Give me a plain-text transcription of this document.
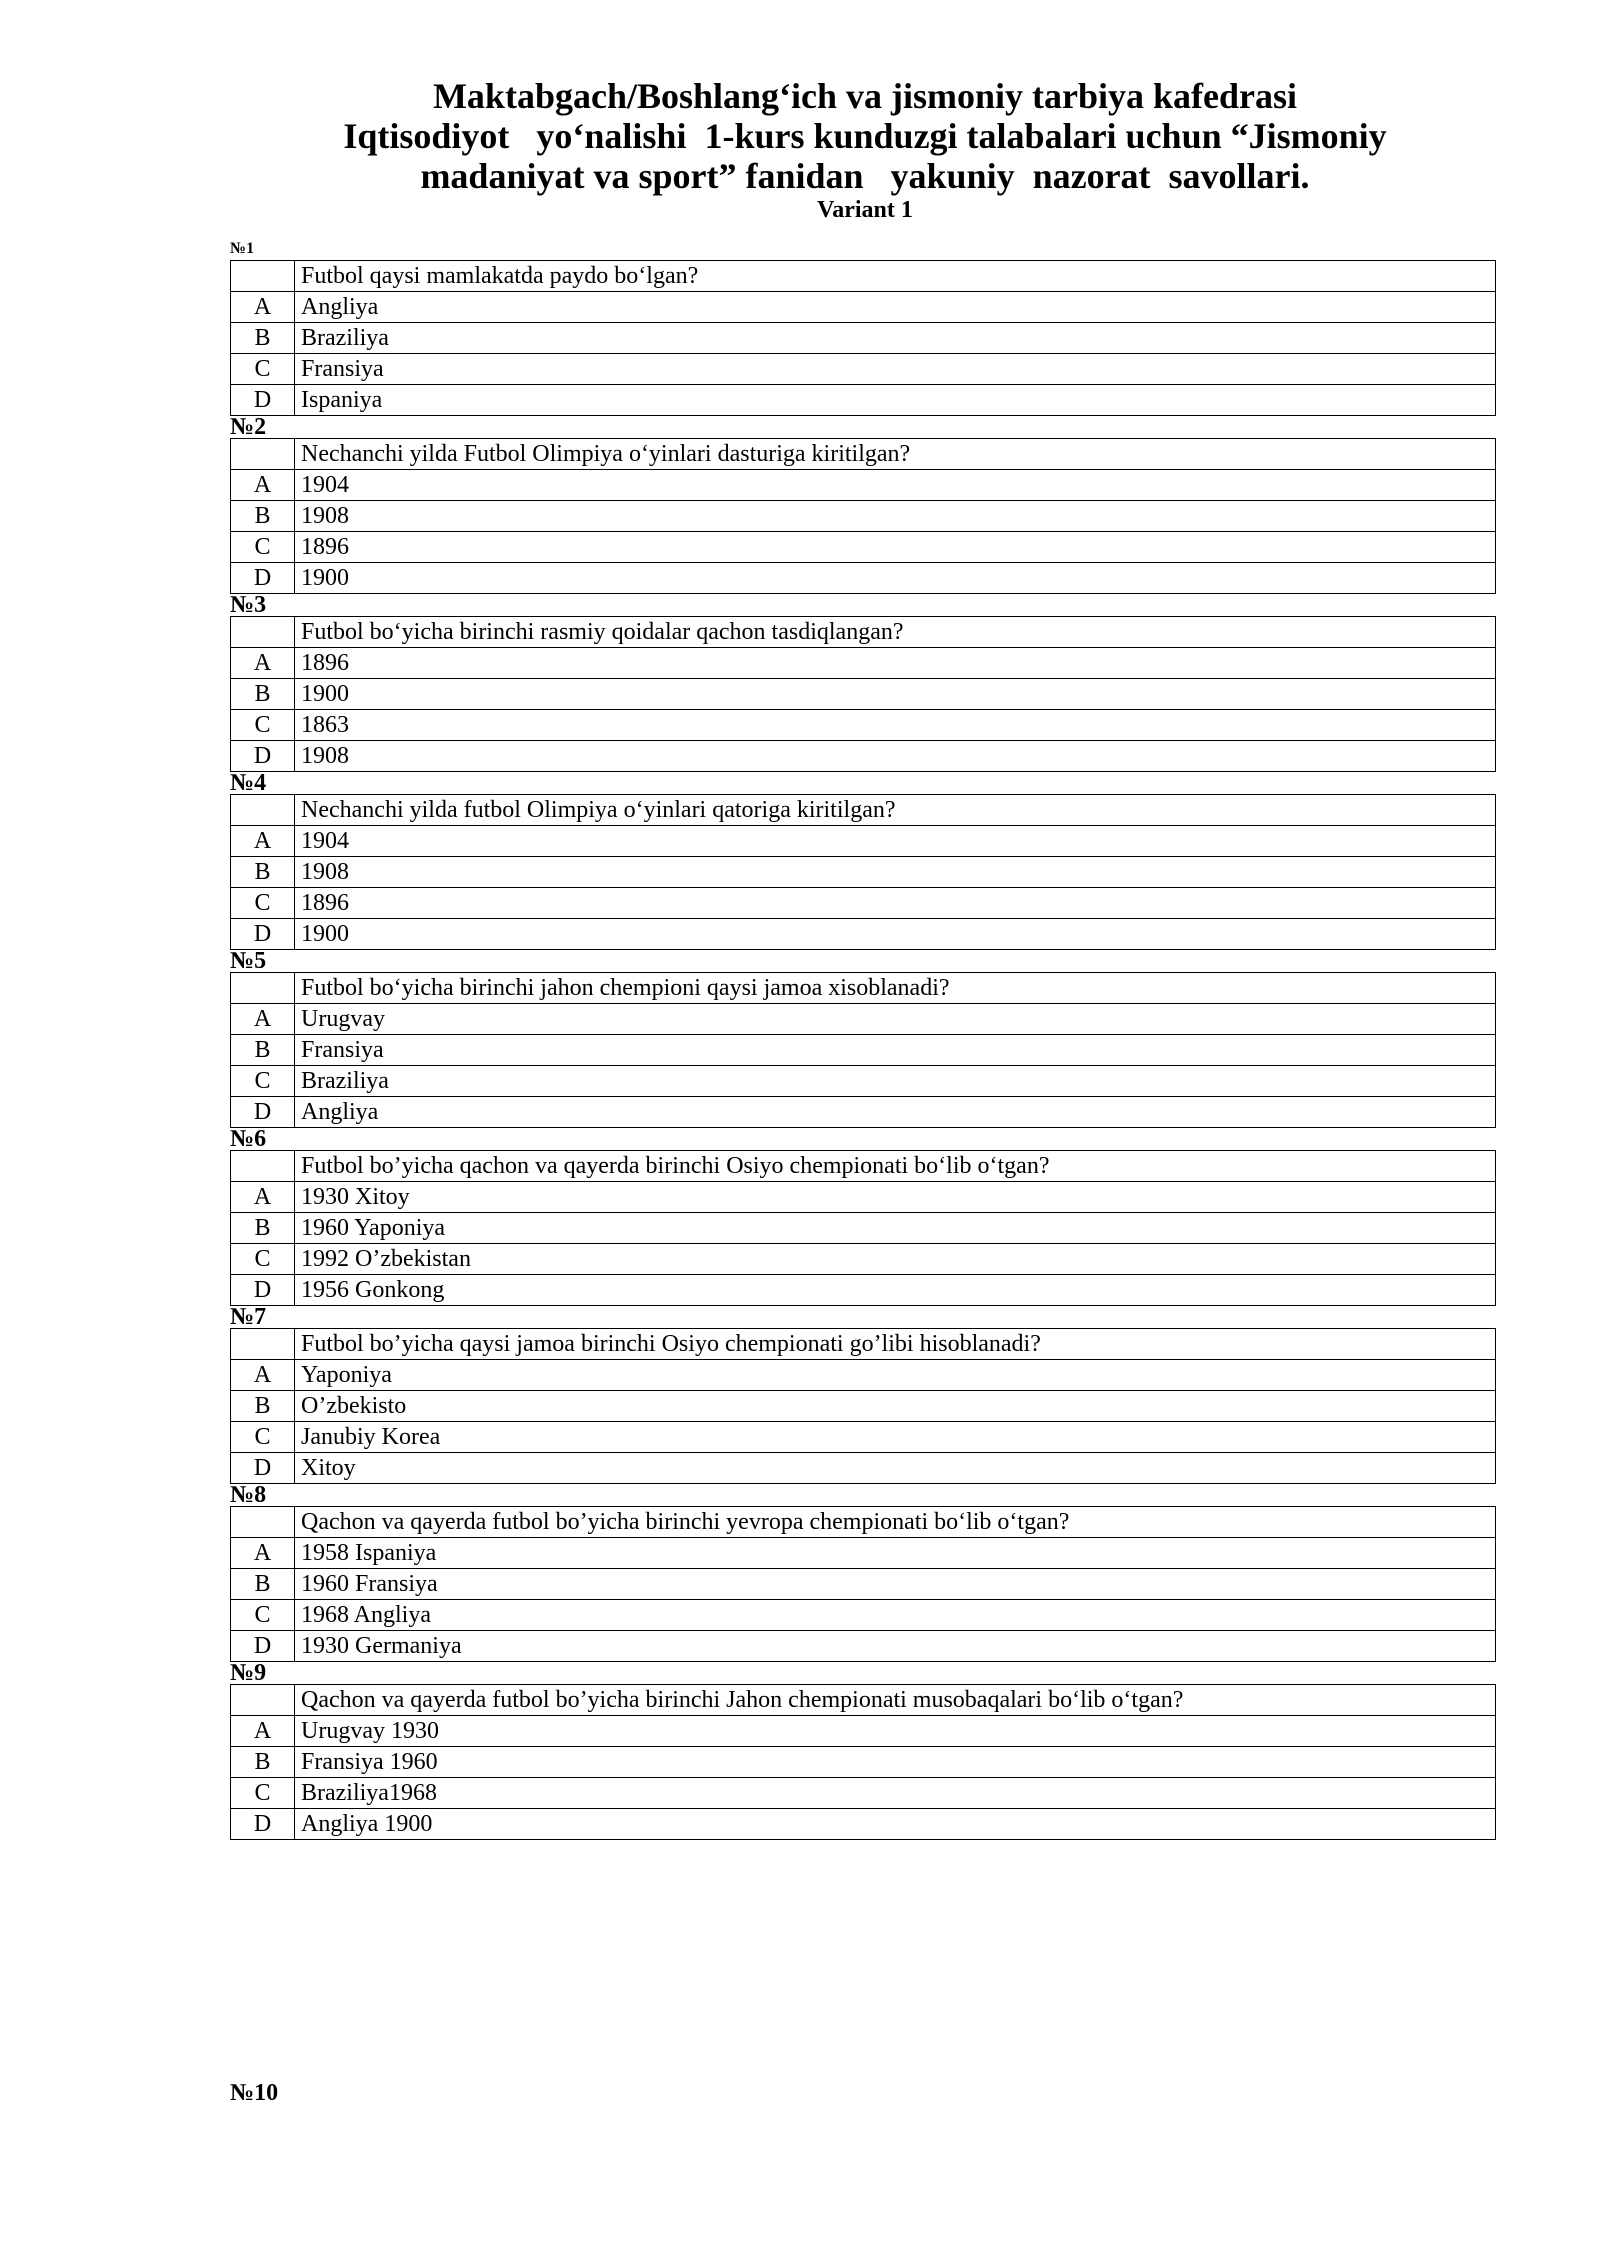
Maktabgach/Boshlang‘ich va jismoniy tarbiya kafedrasi
Iqtisodiyot   yo‘nalishi  1-kurs kunduzgi talabalari uchun “Jismoniy
madaniyat va sport” fanidan   yakuniy  nazorat  savollari.
Variant 1
№1
	Futbol qaysi mamlakatda paydo bo‘lgan?
A	Angliya
B	Braziliya
C	Fransiya
D	Ispaniya
№2
	Nechanchi yilda Futbol Olimpiya o‘yinlari dasturiga kiritilgan?
A	1904
B	1908
C	1896
D	1900
№3
	Futbol bo‘yicha birinchi rasmiy qoidalar qachon tasdiqlangan?
A	1896
B	1900
C	1863
D	1908
№4
	Nechanchi yilda futbol Olimpiya o‘yinlari qatoriga kiritilgan?
A	1904
B	1908
C	1896
D	1900
№5
	Futbol bo‘yicha birinchi jahon chempioni qaysi jamoa xisoblanadi?
A	Urugvay
B	Fransiya
C	Braziliya
D	Angliya
№6
	Futbol bo’yicha qachon va qayerda birinchi Osiyo chempionati bo‘lib o‘tgan?
A	1930 Xitoy
B	1960 Yaponiya
C	1992 O’zbekistan
D	1956 Gonkong
№7
	Futbol bo’yicha qaysi jamoa birinchi Osiyo chempionati go’libi hisoblanadi?
A	Yaponiya
B	O’zbekisto
C	Janubiy Korea
D	Xitoy
№8
	Qachon va qayerda futbol bo’yicha birinchi yevropa chempionati bo‘lib o‘tgan?
A	1958 Ispaniya
B	1960 Fransiya
C	1968 Angliya
D	1930 Germaniya
№9
	Qachon va qayerda futbol bo’yicha birinchi Jahon chempionati musobaqalari bo‘lib o‘tgan?
A	Urugvay 1930
B	Fransiya 1960
C	Braziliya1968
D	Angliya 1900
№10
